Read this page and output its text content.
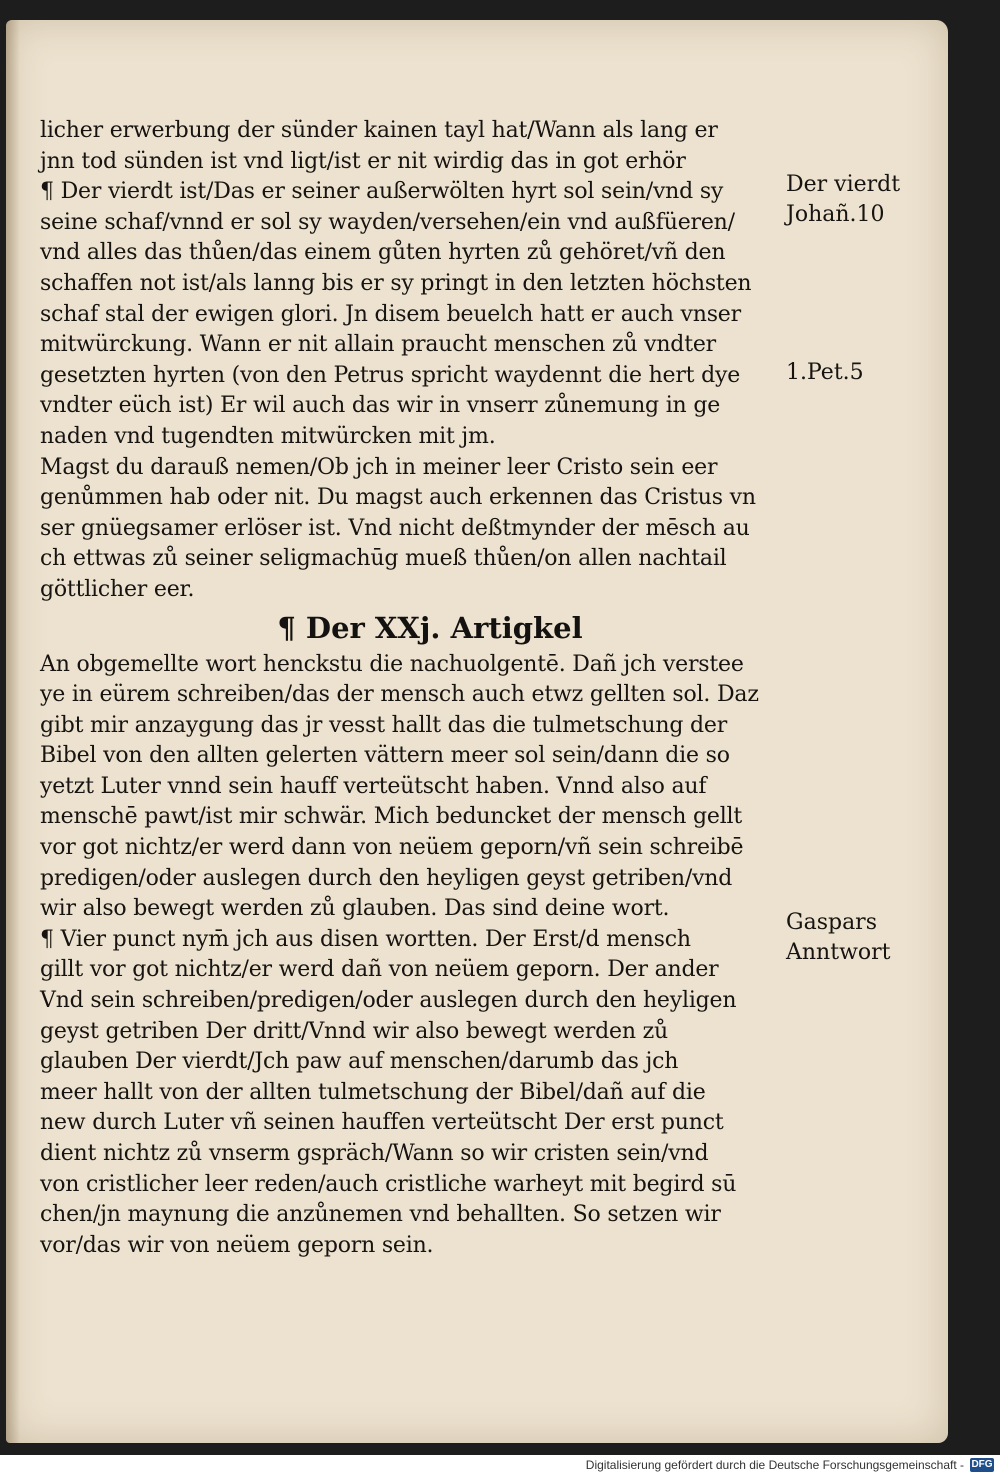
licher erwerbung der sünder kainen tayl hat/Wann als lang er
jnn tod sünden ist vnd ligt/ist er nit wirdig das in got erhör
¶ Der vierdt ist/Das er seiner außerwölten hyrt sol sein/vnd sy
seine schaf/vnnd er sol sy wayden/versehen/ein vnd außfüeren/
vnd alles das thůen/das einem gůten hyrten zů gehöret/vñ den
schaffen not ist/als lanng bis er sy pringt in den letzten höchsten
schaf stal der ewigen glori. Jn disem beuelch hatt er auch vnser
mitwürckung. Wann er nit allain praucht menschen zů vndter
gesetzten hyrten (von den Petrus spricht waydennt die hert dye
vndter eüch ist) Er wil auch das wir in vnserr zůnemung in ge
naden vnd tugendten mitwürcken mit jm.
Magst du darauß nemen/Ob jch in meiner leer Cristo sein eer
genůmmen hab oder nit. Du magst auch erkennen das Cristus vn
ser gnüegsamer erlöser ist. Vnd nicht deßtmynder der mēsch au
ch ettwas zů seiner seligmachūg mueß thůen/on allen nachtail
göttlicher eer.
¶ Der XXj. Artigkel
An obgemellte wort henckstu die nachuolgentē. Dañ jch verstee
ye in eürem schreiben/das der mensch auch etwz gellten sol. Daz
gibt mir anzaygung das jr vesst hallt das die tulmetschung der
Bibel von den allten gelerten vättern meer sol sein/dann die so
yetzt Luter vnnd sein hauff verteütscht haben. Vnnd also auf
menschē pawt/ist mir schwär. Mich beduncket der mensch gellt
vor got nichtz/er werd dann von neüem geporn/vñ sein schreibē
predigen/oder auslegen durch den heyligen geyst getriben/vnd
wir also bewegt werden zů glauben. Das sind deine wort.
¶ Vier punct nym̄ jch aus disen wortten. Der Erst/d mensch
gillt vor got nichtz/er werd dañ von neüem geporn. Der ander
Vnd sein schreiben/predigen/oder auslegen durch den heyligen
geyst getriben Der dritt/Vnnd wir also bewegt werden zů
glauben Der vierdt/Jch paw auf menschen/darumb das jch
meer hallt von der allten tulmetschung der Bibel/dañ auf die
new durch Luter vñ seinen hauffen verteütscht Der erst punct
dient nichtz zů vnserm gspräch/Wann so wir cristen sein/vnd
von cristlicher leer reden/auch cristliche warheyt mit begird sū
chen/jn maynung die anzůnemen vnd behallten. So setzen wir
vor/das wir von neüem geporn sein.
Der vierdt
Johañ.10
1.Pet.5
Gaspars
Anntwort
Digitalisierung gefördert durch die Deutsche Forschungsgemeinschaft - DFG
